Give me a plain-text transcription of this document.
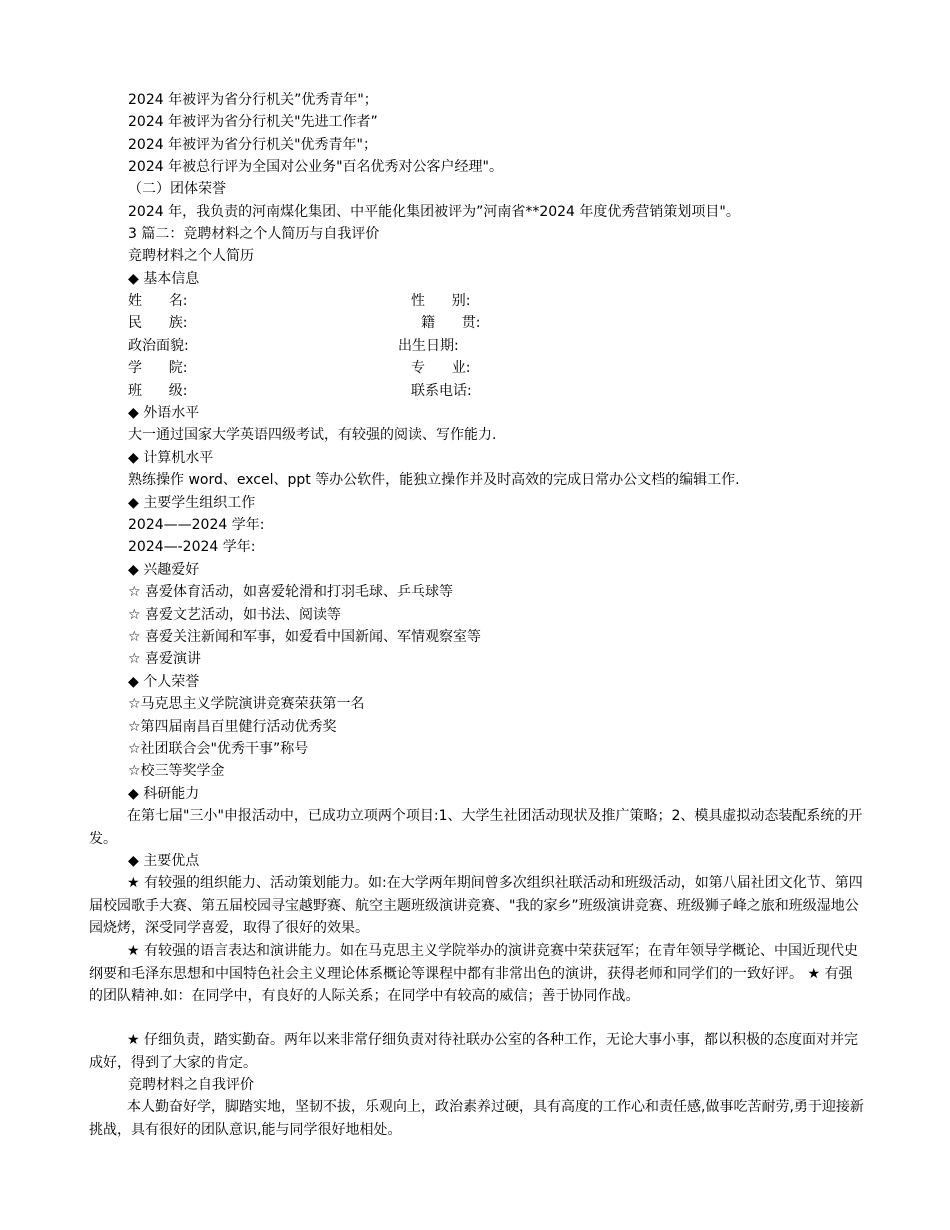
2024 年被评为省分行机关”优秀青年"；
2024 年被评为省分行机关"先进工作者”
2024 年被评为省分行机关"优秀青年"；
2024 年被总行评为全国对公业务"百名优秀对公客户经理"。
（二）团体荣誉
2024 年，我负责的河南煤化集团、中平能化集团被评为”河南省**2024 年度优秀营销策划项目"。
3 篇二：竞聘材料之个人简历与自我评价
竞聘材料之个人简历
◆ 基本信息
姓      名:	性      别:
民      族:	籍      贯:
政治面貌:	出生日期:
学      院:	专      业:
班      级:	联系电话:
◆ 外语水平
大一通过国家大学英语四级考试，有较强的阅读、写作能力.
◆ 计算机水平
熟练操作 word、excel、ppt 等办公软件，能独立操作并及时高效的完成日常办公文档的编辑工作.
◆ 主要学生组织工作
2024——2024 学年:
2024—-2024 学年:
◆ 兴趣爱好
☆ 喜爱体育活动，如喜爱轮滑和打羽毛球、乒乓球等
☆ 喜爱文艺活动，如书法、阅读等
☆ 喜爱关注新闻和军事，如爱看中国新闻、军情观察室等
☆ 喜爱演讲
◆ 个人荣誉
☆马克思主义学院演讲竞赛荣获第一名
☆第四届南昌百里健行活动优秀奖
☆社团联合会"优秀干事”称号
☆校三等奖学金
◆ 科研能力
在第七届"三小"申报活动中，已成功立项两个项目:1、大学生社团活动现状及推广策略；2、模具虚拟动态装配系统的开发。
◆ 主要优点
★ 有较强的组织能力、活动策划能力。如:在大学两年期间曾多次组织社联活动和班级活动，如第八届社团文化节、第四届校园歌手大赛、第五届校园寻宝越野赛、航空主题班级演讲竞赛、"我的家乡”班级演讲竞赛、班级狮子峰之旅和班级湿地公园烧烤，深受同学喜爱，取得了很好的效果。
★ 有较强的语言表达和演讲能力。如在马克思主义学院举办的演讲竞赛中荣获冠军；在青年领导学概论、中国近现代史纲要和毛泽东思想和中国特色社会主义理论体系概论等课程中都有非常出色的演讲，获得老师和同学们的一致好评。 ★ 有强的团队精神.如：在同学中，有良好的人际关系；在同学中有较高的威信；善于协同作战。
★ 仔细负责，踏实勤奋。两年以来非常仔细负责对待社联办公室的各种工作，无论大事小事，都以积极的态度面对并完成好，得到了大家的肯定。
竞聘材料之自我评价
本人勤奋好学，脚踏实地，坚韧不拔，乐观向上，政治素养过硬，具有高度的工作心和责任感,做事吃苦耐劳,勇于迎接新挑战，具有很好的团队意识,能与同学很好地相处。
